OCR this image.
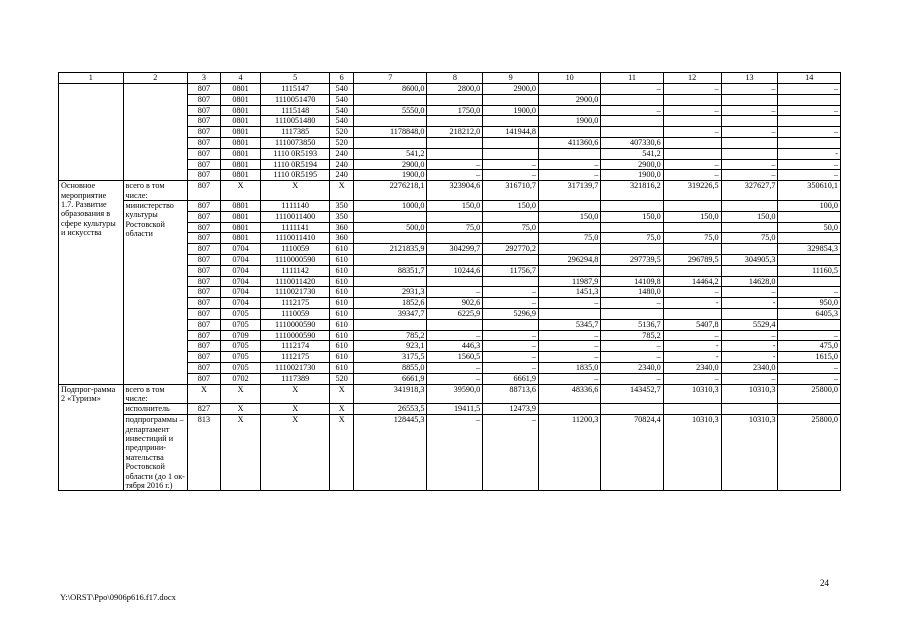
1	2	3	4	5	6	7	8	9	10	11	12	13	14
		807	0801	1115147	540	8600,0	2800,0	2900,0		–	–	–	–
		807	0801	1110051470	540				2900,0				
		807	0801	1115148	540	5550,0	1750,0	1900,0		–	–	–	–
		807	0801	1110051480	540				1900,0				
		807	0801	1117385	520	1178848,0	218212,0	141944,8			–	–	–
		807	0801	1110073850	520				411360,6	407330,6			
		807	0801	1110 0R5193	240	541,2				541,2			-
		807	0801	1110 0R5194	240	2900,0	–	–	–	2900,0	–	–	–
		807	0801	1110 0R5195	240	1900,0	–	–	–	1900,0	–	–	–
Основное мероприятие 1.7. Развитие образования в сфере культуры и искусства	всего в том числе:	807	Х	Х	Х	2276218,1	323904,6	316710,7	317139,7	321816,2	319226,5	327627,7	350610,1
	министерство культуры Ростовской области	807	0801	1111140	350	1000,0	150,0	150,0					100,0
		807	0801	1110011400	350				150,0	150,0	150,0	150,0	
		807	0801	1111141	360	500,0	75,0	75,0					50,0
		807	0801	1110011410	360				75,0	75,0	75,0	75,0	
		807	0704	1110059	610	2121835,9	304299,7	292770,2					329854,3
		807	0704	1110000590	610				296294,8	297739,5	296789,5	304905,3	
		807	0704	1111142	610	88351,7	10244,6	11756,7					11160,5
		807	0704	1110011420	610				11987,9	14109,8	14464,2	14628,0	
		807	0704	1110021730	610	2931,3	–	–	1451,3	1480,0	–	–	–
		807	0704	1112175	610	1852,6	902,6	–	–	–	-	-	950,0
		807	0705	1110059	610	39347,7	6225,9	5296,9					6405,3
		807	0705	1110000590	610				5345,7	5136,7	5407,8	5529,4	
		807	0709	1110000590	610	785,2	–	–	–	785,2	–	–	–
		807	0705	1112174	610	923,1	446,3	–	–	–	-	-	475,0
		807	0705	1112175	610	3175,5	1560,5	–	–	–	-	-	1615,0
		807	0705	1110021730	610	8855,0	–	–	1835,0	2340,0	2340,0	2340,0	–
		807	0702	1117389	520	6661,9	–	6661,9	–	–	–	–	–
Подпрог-рамма 2 «Туризм»	всего в том числе:	Х	Х	Х	Х	341918,3	39590,0	88713,6	48336,6	143452,7	10310,3	10310,3	25800,0
	исполнитель	827	Х	Х	Х	26553,5	19411,5	12473,9					
	подпрограммы – департамент инвестиций и предприни-мательства Ростовской области (до 1 ок-тября 2016 г.)	813	Х	Х	Х	128445,3	–	–	11200,3	70824,4	10310,3	10310,3	25800,0
24
Y:\ORST\Ppo\0906p616.f17.docx
